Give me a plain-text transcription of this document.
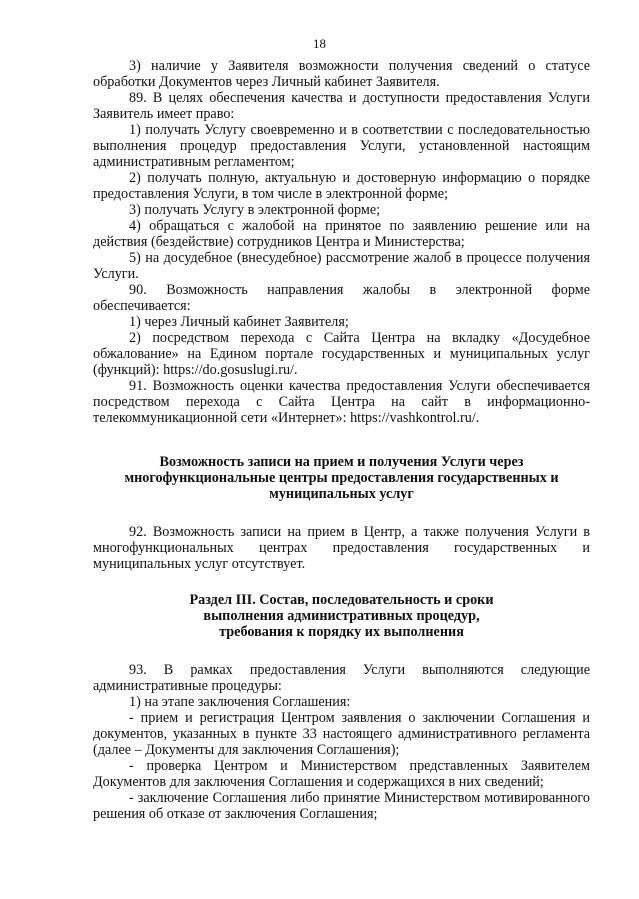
18

3) наличие у Заявителя возможности получения сведений о статусе обработки Документов через Личный кабинет Заявителя.

89. В целях обеспечения качества и доступности предоставления Услуги Заявитель имеет право:

1) получать Услугу своевременно и в соответствии с последовательностью выполнения процедур предоставления Услуги, установленной настоящим административным регламентом;

2) получать полную, актуальную и достоверную информацию о порядке предоставления Услуги, в том числе в электронной форме;

3) получать Услугу в электронной форме;

4) обращаться с жалобой на принятое по заявлению решение или на действия (бездействие) сотрудников Центра и Министерства;

5) на досудебное (внесудебное) рассмотрение жалоб в процессе получения Услуги.

90. Возможность направления жалобы в электронной форме обеспечивается:

1) через Личный кабинет Заявителя;

2) посредством перехода с Сайта Центра на вкладку «Досудебное обжалование» на Едином портале государственных и муниципальных услуг (функций): https://do.gosuslugi.ru/.

91. Возможность оценки качества предоставления Услуги обеспечивается посредством перехода с Сайта Центра на сайт в информационно-телекоммуникационной сети «Интернет»: https://vashkontrol.ru/.

Возможность записи на прием и получения Услуги через

многофункциональные центры предоставления государственных и

муниципальных услуг

92. Возможность записи на прием в Центр, а также получения Услуги в многофункциональных центрах предоставления государственных и муниципальных услуг отсутствует.

Раздел III. Состав, последовательность и сроки

выполнения административных процедур,

требования к порядку их выполнения

93. В рамках предоставления Услуги выполняются следующие административные процедуры:

1) на этапе заключения Соглашения:

- прием и регистрация Центром заявления о заключении Соглашения и документов, указанных в пункте 33 настоящего административного регламента (далее – Документы для заключения Соглашения);

- проверка Центром и Министерством представленных Заявителем Документов для заключения Соглашения и содержащихся в них сведений;

- заключение Соглашения либо принятие Министерством мотивированного решения об отказе от заключения Соглашения;
